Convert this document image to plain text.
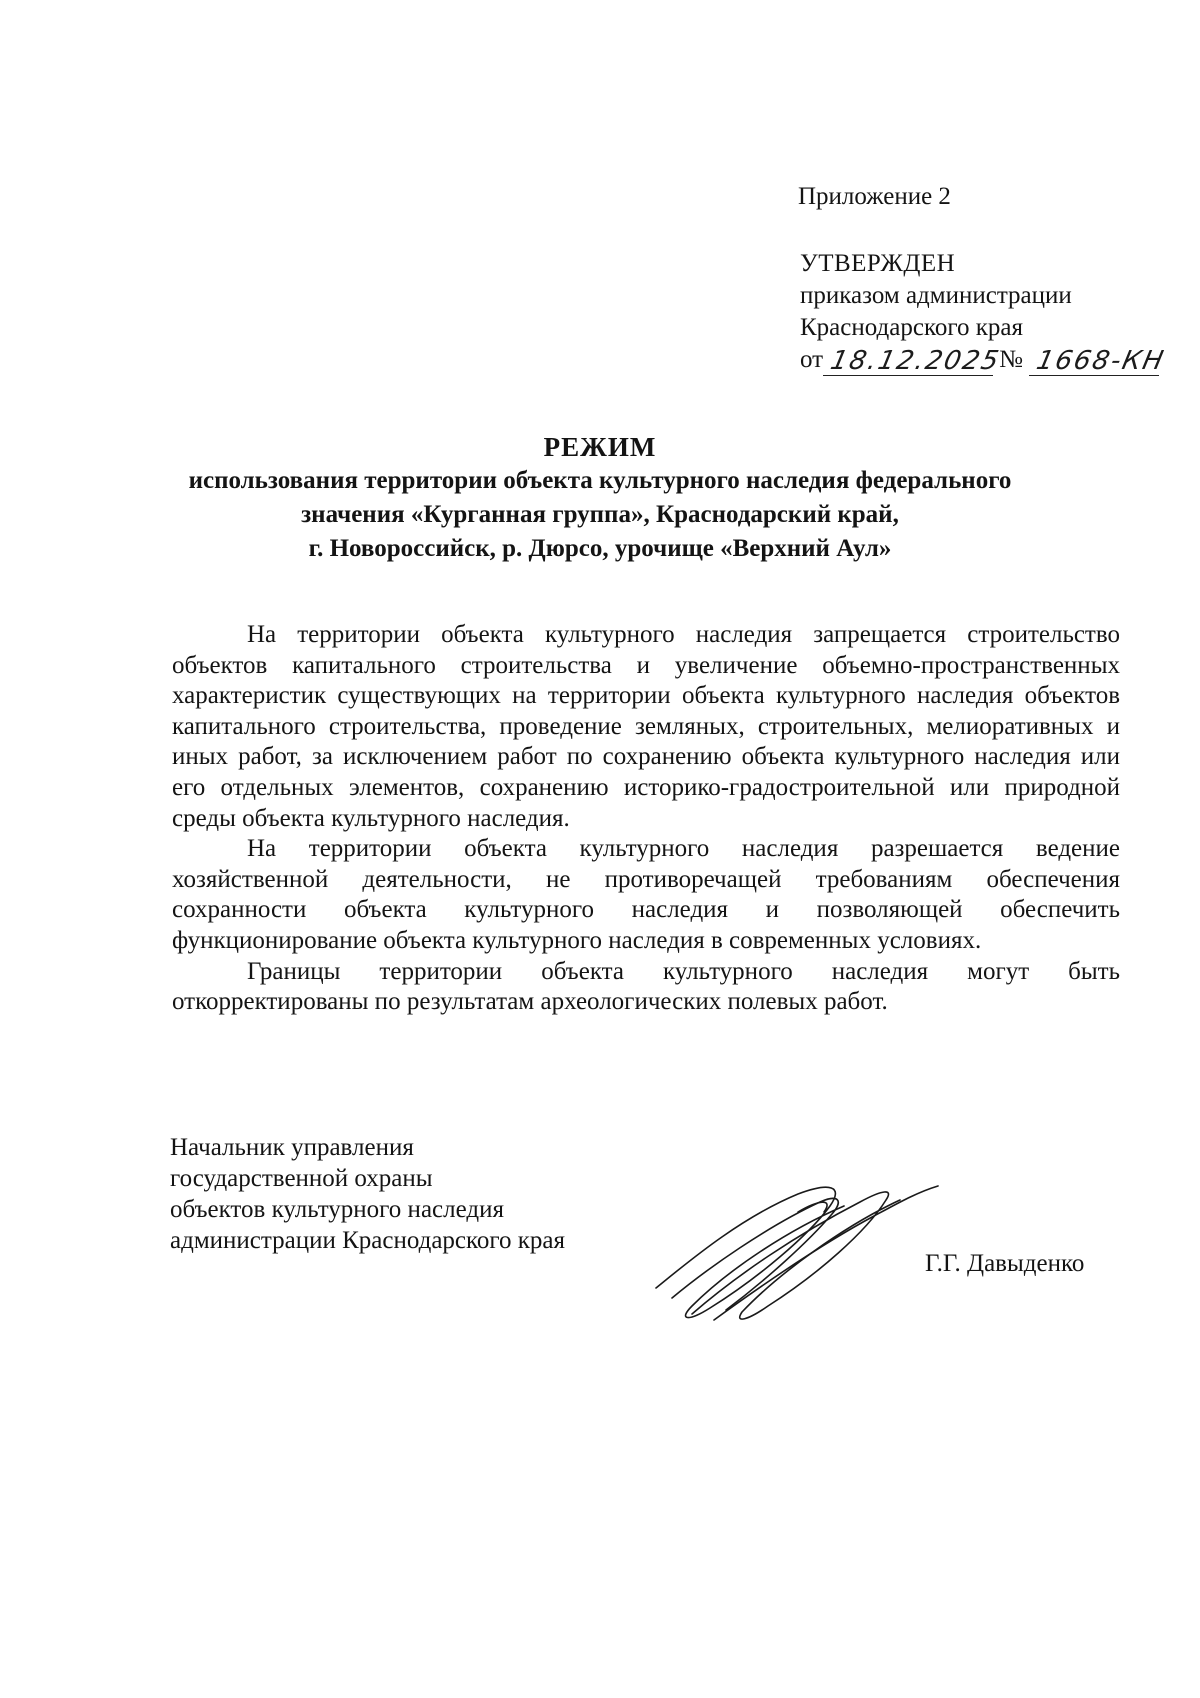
Приложение 2
УТВЕРЖДЕН
приказом администрации
Краснодарского края
от 18.12.2025
№ 1668-КН
РЕЖИМ
использования территории объекта культурного наследия федерального
значения «Курганная группа», Краснодарский край,
г. Новороссийск, р. Дюрсо, урочище «Верхний Аул»

На территории объекта культурного наследия запрещается строительство объектов капитального строительства и увеличение объемно-пространственных характеристик существующих на территории объекта культурного наследия объектов капитального строительства, проведение земляных, строительных, мелиоративных и иных работ, за исключением работ по сохранению объекта культурного наследия или его отдельных элементов, сохранению историко-градостроительной или природной среды объекта культурного наследия.

На территории объекта культурного наследия разрешается ведение хозяйственной деятельности, не противоречащей требованиям обеспечения сохранности объекта культурного наследия и позволяющей обеспечить функционирование объекта культурного наследия в современных условиях.

Границы территории объекта культурного наследия могут быть откорректированы по результатам археологических полевых работ.

Начальник управления
государственной охраны
объектов культурного наследия
администрации Краснодарского края
Г.Г. Давыденко
